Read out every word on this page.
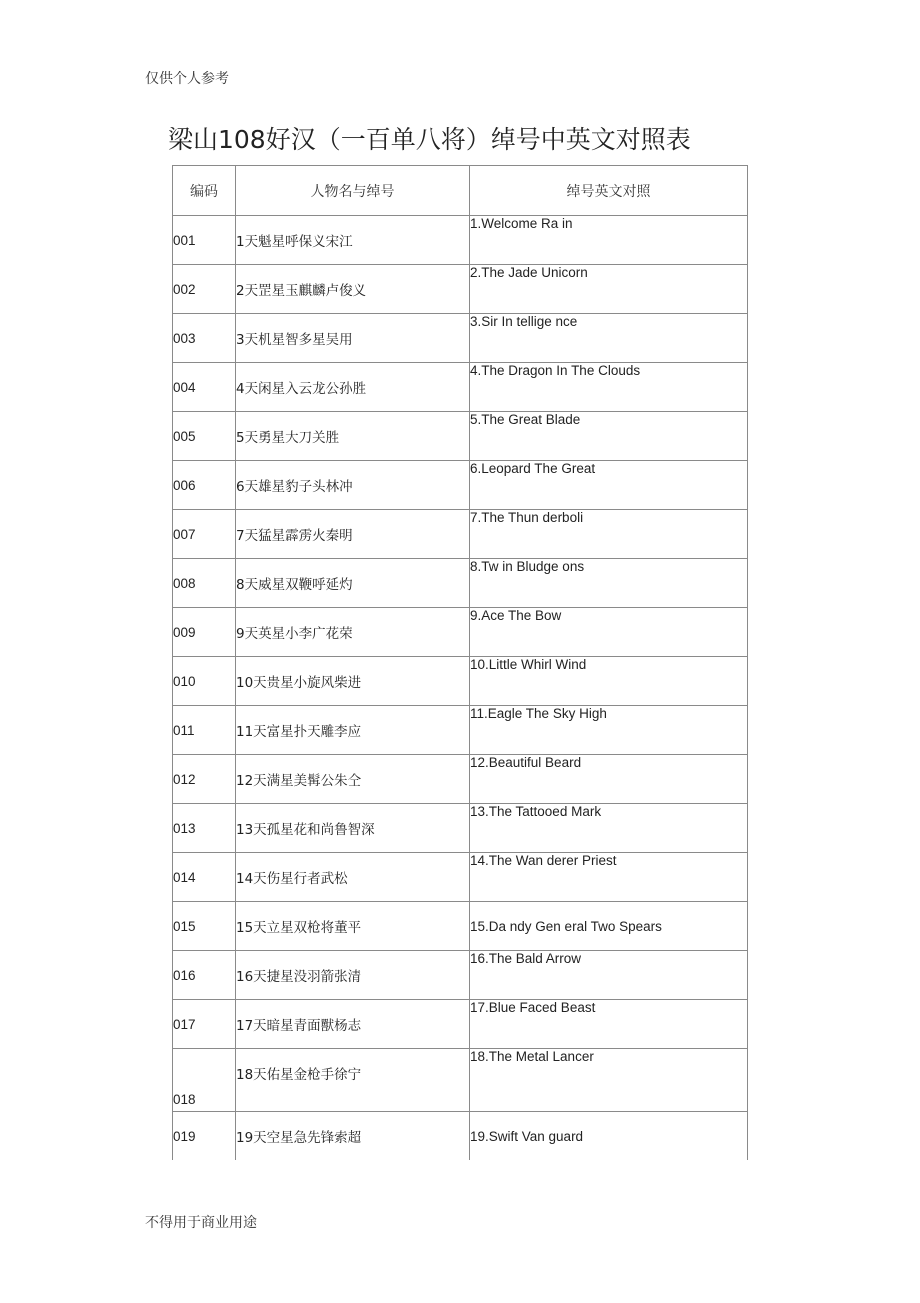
仅供个人参考
梁山108好汉（一百单八将）绰号中英文对照表
编码	人物名与绰号	绰号英文对照
001	1天魁星呼保义宋江	1.Welcome Ra in
002	2天罡星玉麒麟卢俊义	2.The Jade Unicorn
003	3天机星智多星吴用	3.Sir In tellige nce
004	4天闲星入云龙公孙胜	4.The Dragon In The Clouds
005	5天勇星大刀关胜	5.The Great Blade
006	6天雄星豹子头林冲	6.Leopard The Great
007	7天猛星霹雳火秦明	7.The Thun derboli
008	8天威星双鞭呼延灼	8.Tw in Bludge ons
009	9天英星小李广花荣	9.Ace The Bow
010	10天贵星小旋风柴进	10.Little Whirl Wind
011	11天富星扑天雕李应	11.Eagle The Sky High
012	12天满星美髯公朱仝	12.Beautiful Beard
013	13天孤星花和尚鲁智深	13.The Tattooed Mark
014	14天伤星行者武松	14.The Wan derer Priest
015	15天立星双枪将董平	15.Da ndy Gen eral Two Spears
016	16天捷星没羽箭张清	16.The Bald Arrow
017	17天暗星青面獸杨志	17.Blue Faced Beast
018	18天佑星金枪手徐宁	18.The Metal Lancer
019	19天空星急先锋索超	19.Swift Van guard
不得用于商业用途
